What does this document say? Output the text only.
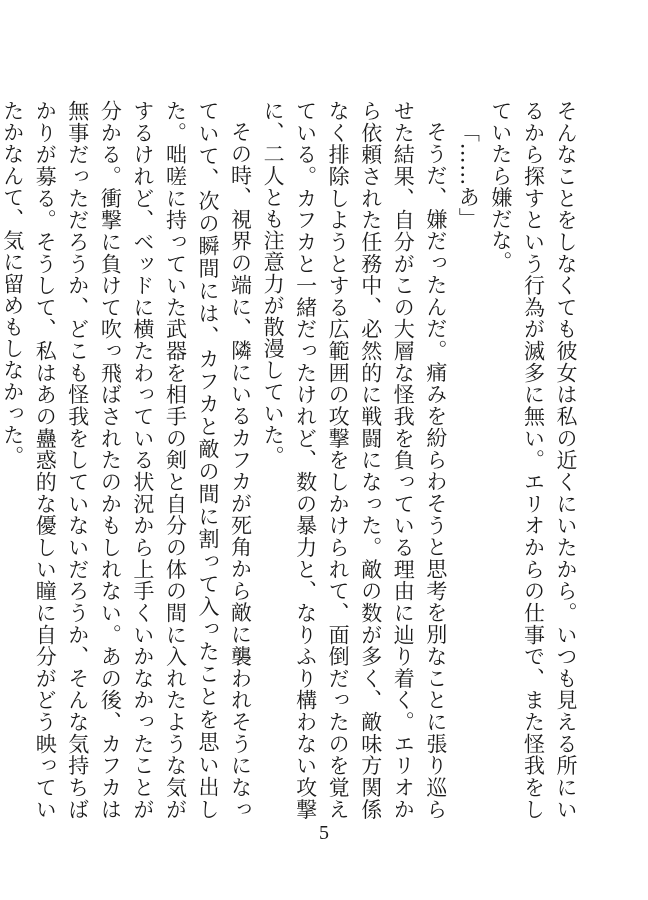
そんなことをしなくても彼女は私の近くにいたから。いつも見える所にいるから探すという行為が滅多に無い。エリオからの仕事で、また怪我をしていたら嫌だな。

「……あ」

そうだ、嫌だったんだ。痛みを紛らわそうと思考を別なことに張り巡らせた結果、自分がこの大層な怪我を負っている理由に辿り着く。エリオから依頼された任務中、必然的に戦闘になった。敵の数が多く、敵味方関係なく排除しようとする広範囲の攻撃をしかけられて、面倒だったのを覚えている。カフカと一緒だったけれど、数の暴力と、なりふり構わない攻撃に、二人とも注意力が散漫していた。

その時、視界の端に、隣にいるカフカが死角から敵に襲われそうになっていて、次の瞬間には、カフカと敵の間に割って入ったことを思い出した。咄嗟に持っていた武器を相手の剣と自分の体の間に入れたような気がするけれど、ベッドに横たわっている状況から上手くいかなかったことが分かる。衝撃に負けて吹っ飛ばされたのかもしれない。あの後、カフカは無事だっただろうか、どこも怪我をしていないだろうか、そんな気持ちばかりが募る。そうして、私はあの蠱惑的な優しい瞳に自分がどう映っていたかなんて、気に留めもしなかった。

5
